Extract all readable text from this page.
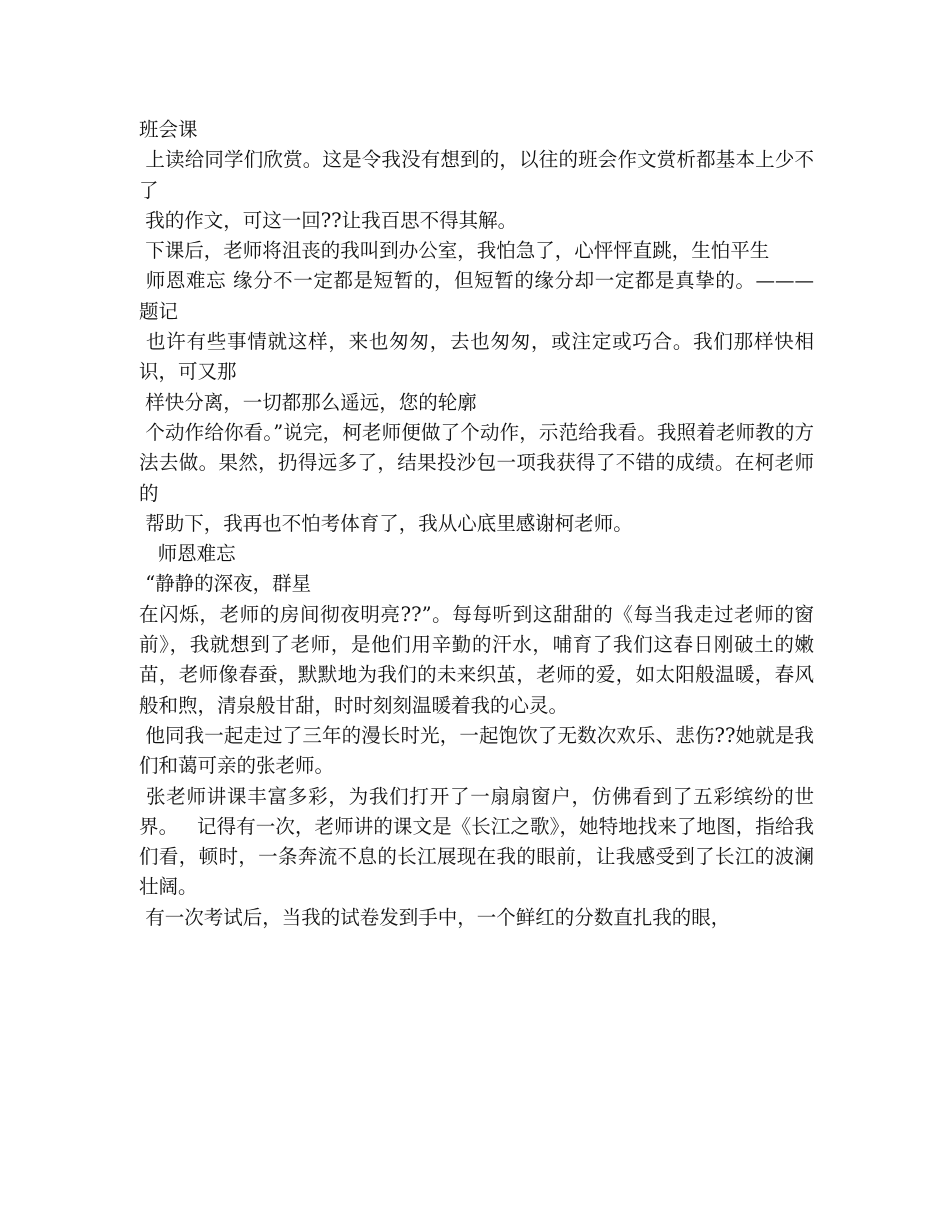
班会课

上读给同学们欣赏。这是令我没有想到的，以往的班会作文赏析都基本上少不了

我的作文，可这一回??让我百思不得其解。

下课后，老师将沮丧的我叫到办公室，我怕急了，心怦怦直跳，生怕平生

师恩难忘 缘分不一定都是短暂的，但短暂的缘分却一定都是真挚的。———题记

也许有些事情就这样，来也匆匆，去也匆匆，或注定或巧合。我们那样快相识，可又那

样快分离，一切都那么遥远，您的轮廓

个动作给你看。”说完，柯老师便做了个动作，示范给我看。我照着老师教的方法去做。果然，扔得远多了，结果投沙包一项我获得了不错的成绩。在柯老师的

帮助下，我再也不怕考体育了，我从心底里感谢柯老师。

师恩难忘

“静静的深夜，群星

在闪烁，老师的房间彻夜明亮??”。每每听到这甜甜的《每当我走过老师的窗前》，我就想到了老师，是他们用辛勤的汗水，哺育了我们这春日刚破土的嫩苗，老师像春蚕，默默地为我们的未来织茧，老师的爱，如太阳般温暖，春风般和煦，清泉般甘甜，时时刻刻温暖着我的心灵。

他同我一起走过了三年的漫长时光，一起饱饮了无数次欢乐、悲伤??她就是我们和蔼可亲的张老师。

张老师讲课丰富多彩，为我们打开了一扇扇窗户，仿佛看到了五彩缤纷的世界。   记得有一次，老师讲的课文是《长江之歌》，她特地找来了地图，指给我们看，顿时，一条奔流不息的长江展现在我的眼前，让我感受到了长江的波澜壮阔。

有一次考试后，当我的试卷发到手中，一个鲜红的分数直扎我的眼，
